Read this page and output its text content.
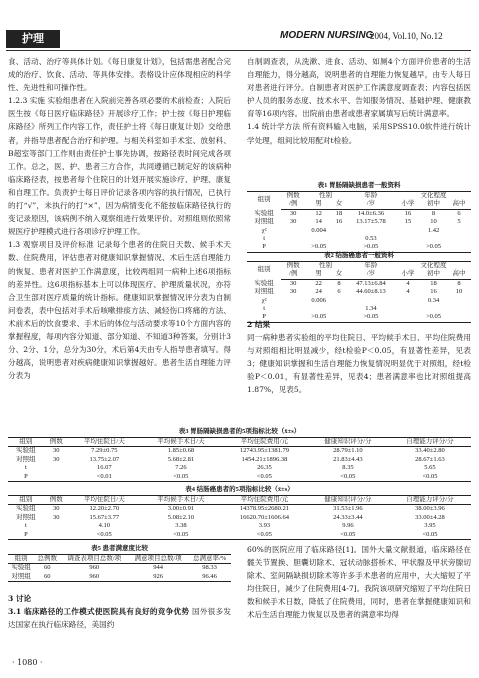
护理	MODERN NURSING
2004, Vol.10, No.12

食、活动、治疗等具体计划。《每日康复计划》，包括需患者配合完成的治疗、饮食、活动、等具体安排。表格设计应体现相应的科学性、先进性和可操作性。

1.2.3 实施 实验组患者在入院前完善各项必要的术前检查；入院后医生按《每日医疗临床路径》开展诊疗工作；护士按《每日护理临床路径》所列工作内容工作，责任护士将《每日康复计划》交给患者，并指导患者配合治疗和护理。与相关科室如手术室、放射科、B超室等部门工作则由责任护士事先协调，按路径表时间完成各项工作。总之，医、护、患者三方合作，共同遵循已制定好的该病种临床路径表，按患者每个住院日的计划开展实施诊疗、护理、康复和自理工作。负责护士每日评价记录各项内容的执行情况，已执行的打“√”，未执行的打“×”，因为病情变化不能按临床路径执行的变记录原因，该病例不纳入观察组进行效果评价。对照组则依照常规医疗护理模式进行各项诊疗护理工作。

1.3 观察项目及评价标准 记录每个患者的住院日天数、候手术天数、住院费用，评估患者对健康知识掌握情况、术后生活自理能力的恢复、患者对医护工作满意度，比较两组同一病种上述6项指标的差异性。这6项指标基本上可以体现医疗、护理质量状况，亦符合卫生部对医疗质量的统计指标。健康知识掌握情况评分表为自制问卷表，表中包括对手术后咳嗽排痰方法、减轻伤口疼痛的方法、术前术后的饮食要求、手术后的体位与活动要求等10个方面内容的掌握程度，每项内容分知道、部分知道、不知道3种答案，分别计3分、2分、1分，总分为30分，术后第4天由专人指导患者填写。得分越高，说明患者对疾病健康知识掌握越好。患者生活自理能力评分表为

自制调查表，从洗漱、进食、活动、如厕4个方面评价患者的生活自理能力，得分越高，说明患者的自理能力恢复越早，由专人每日对患者进行评分。自制患者对医护工作满意度调查表；内容包括医护人员的服务态度、技术水平、告知服务情况、基础护理、健康教育等16项内容。出院前由患者或患者家属填写后统计满意率。

1.4 统计学方法 所有资料输入电脑，采用SPSS10.0软件进行统计学处理，组间比较用配对t检验。

表1 胃肠隔缺损患者一般资料
组别	例数	性别		年龄	文化程度		
	/例	男	女	/岁	小学	初中	高中
实验组	30	12	18	14.0±6.36	16	8	6
对照组	30	14	16	13.17±5.78	15	10	5
χ²		0.004				1.42	
t				0.53			
P		>0.05		>0.05		>0.05	
表2 结肠癌患者一般资料
组别	例数	性别		年龄	文化程度		
	/例	男	女	/岁	小学	初中	高中
实验组	30	22	8	47.13±6.84	4	18	8
对照组	30	24	6	44.60±8.13	4	16	10
χ²		0.006				0.34	
t				1.34			
P		>0.05		>0.05		>0.05	

2 结果

同一病种患者实验组的平均住院日、平均候手术日、平均住院费用与对照组相比明显减少，经t检验P＜0.05，有显著性差异，见表3；健康知识掌握和生活自理能力恢复情况明显优于对照组，经t检验P＜0.01，有显著性差异，见表4；患者满意率也比对照组提高1.87%，见表5。

表3 胃肠隔缺损患者的5项指标比较（x̄±s）
组别	例数	平均住院日/天	平均候手术日/天	平均住院费用/元	健康知识评分/分	自理能力评分/分
实验组	30	7.29±0.75	1.85±0.68	12743.95±1381.79	28.79±1.10	33.40±2.80
对照组	30	13.75±2.07	5.68±2.81	1454.21±1896.38	21.83±4.43	28.67±1.63
t		16.07	7.26	26.35	8.35	5.65
P		<0.01	<0.05	<0.05	<0.05	<0.05
表4 结肠癌患者的5项指标比较（x̄±s）
组别	例数	平均住院日/天	平均候手术日/天	平均住院费用/元	健康知识评分/分	自理能力评分/分
实验组	30	12.20±2.70	3.00±0.91	14378.95±2680.21	31.53±1.96	38.00±3.96
对照组	30	15.67±3.77	5.08±2.10	16620.70±1606.64	24.33±3.44	33.00±4.28
t		4.10	3.38	3.93	9.96	3.95
P		<0.05	<0.05	<0.05	<0.05	<0.05
表5 患者满意度比较
组别	总例数	调查表项目总数/项	满意项目总数/项	总满意率/%
实验组	60	960	944	98.33
对照组	60	960	926	96.46

3 讨论

3.1 临床路径的工作模式使医院具有良好的竞争优势 国外很多发达国家在执行临床路径，美国约

60%的医院应用了临床路径[1]。国外大量文献报道，临床路径在髋关节置换、胆囊切除术、冠状动脉搭桥术、甲状腺及甲状旁腺切除术、室间隔缺损切除术等许多手术患者的应用中，大大缩短了平均住院日，减少了住院费用[4-7]。我院该项研究缩短了平均住院日数和候手术日数，降低了住院费用，同时，患者在掌握健康知识和术后生活自理能力恢复以及患者的满意率均得

· 1080 ·
